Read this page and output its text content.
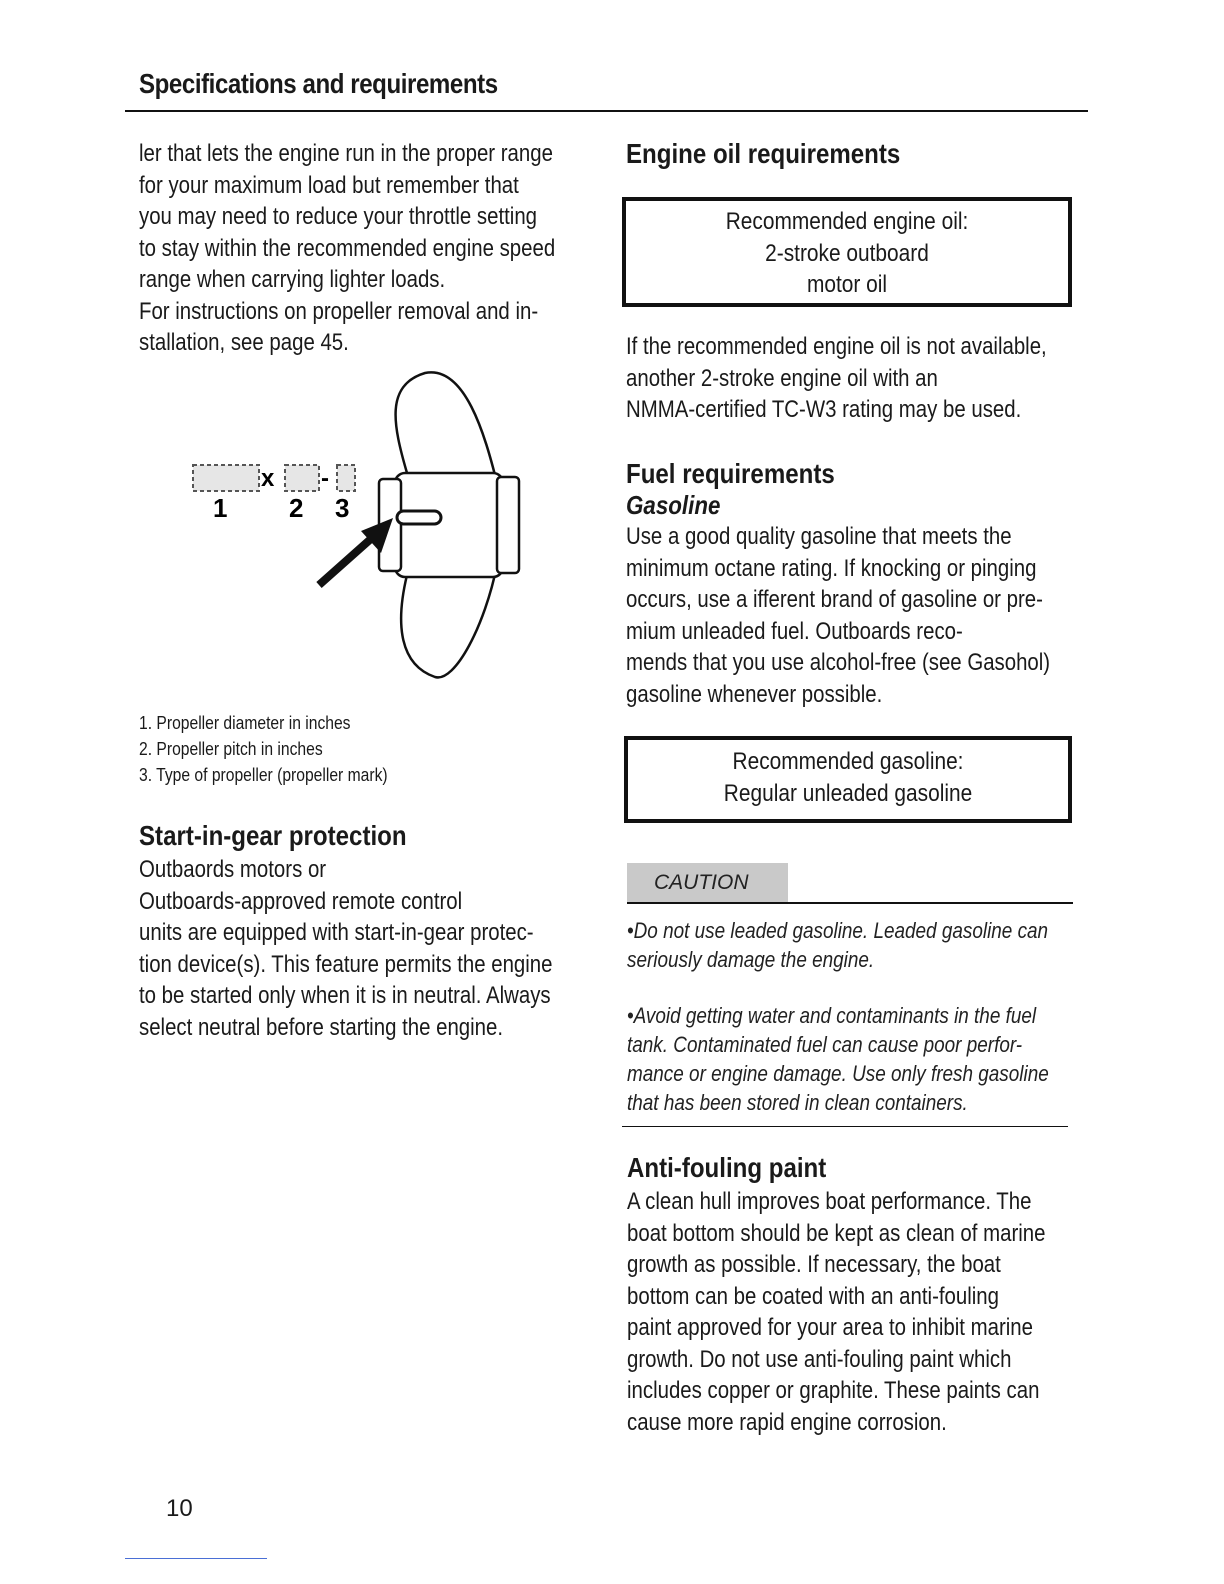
Specifications and requirements

ler that lets the engine run in the proper range
for your maximum load but remember that
you may need to reduce your throttle setting
to stay within the recommended engine speed
range when carrying lighter loads.
For instructions on propeller removal and in-
stallation, see page 45.

x -
1 2 3
1. Propeller diameter in inches
2. Propeller pitch in inches
3. Type of propeller (propeller mark)
Start-in-gear protection

Outbaords motors or
Outboards-approved remote control
units are equipped with start-in-gear protec-
tion device(s). This feature permits the engine
to be started only when it is in neutral. Always
select neutral before starting the engine.

Engine oil requirements
Recommended engine oil:
2-stroke outboard
motor oil

If the recommended engine oil is not available,
another 2-stroke engine oil with an
NMMA-certified TC-W3 rating may be used.

Fuel requirements
Gasoline

Use a good quality gasoline that meets the
minimum octane rating. If knocking or pinging
occurs, use a ifferent brand of gasoline or pre-
mium unleaded fuel. Outboards reco-
mends that you use alcohol-free (see Gasohol)
gasoline whenever possible.

Recommended gasoline:
Regular unleaded gasoline
CAUTION
•Do not use leaded gasoline. Leaded gasoline can
seriously damage the engine.
•Avoid getting water and contaminants in the fuel
tank. Contaminated fuel can cause poor perfor-
mance or engine damage. Use only fresh gasoline
that has been stored in clean containers.
Anti-fouling paint

A clean hull improves boat performance. The
boat bottom should be kept as clean of marine
growth as possible. If necessary, the boat
bottom can be coated with an anti-fouling
paint approved for your area to inhibit marine
growth. Do not use anti-fouling paint which
includes copper or graphite. These paints can
cause more rapid engine corrosion.

10
